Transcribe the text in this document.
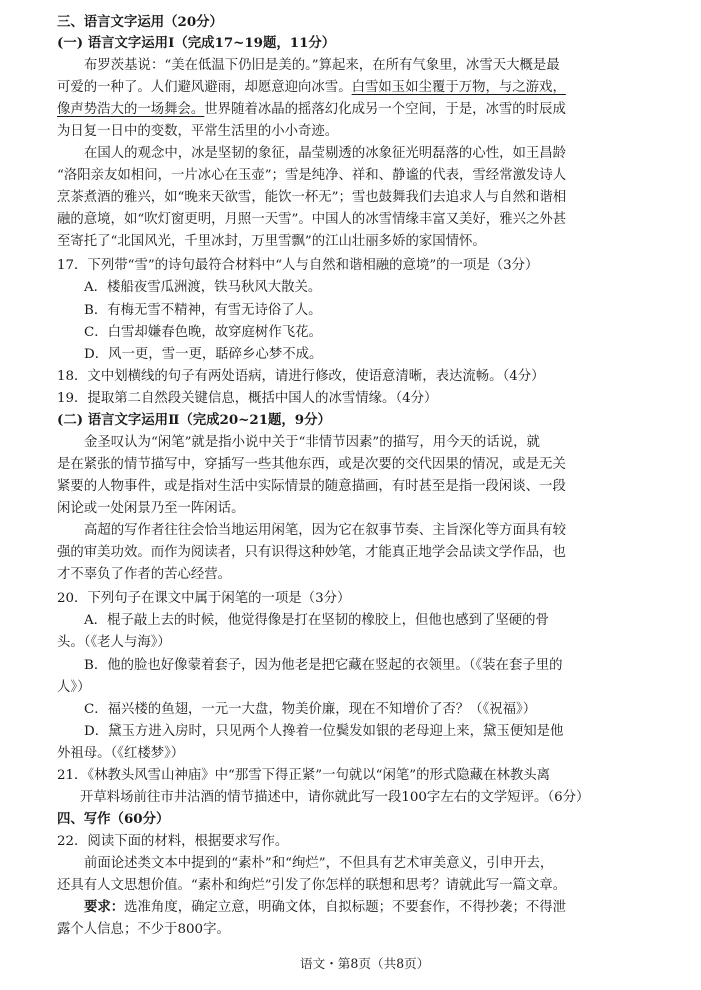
三、语言文字运用（20分）
(一) 语言文字运用Ⅰ（完成17~19题，11分）
布罗茨基说：“美在低温下仍旧是美的。”算起来，在所有气象里，冰雪天大概是最
可爱的一种了。人们避风避雨，却愿意迎向冰雪。白雪如玉如尘覆于万物，与之游戏，
像声势浩大的一场舞会。世界随着冰晶的摇落幻化成另一个空间，于是，冰雪的时辰成
为日复一日中的变数，平常生活里的小小奇迹。
在国人的观念中，冰是坚韧的象征，晶莹剔透的冰象征光明磊落的心性，如王昌龄
“洛阳亲友如相问，一片冰心在玉壶”；雪是纯净、祥和、静谧的代表，雪经常激发诗人
烹茶煮酒的雅兴，如“晚来天欲雪，能饮一杯无”；雪也鼓舞我们去追求人与自然和谐相
融的意境，如“吹灯窗更明，月照一天雪”。中国人的冰雪情缘丰富又美好，雅兴之外甚
至寄托了“北国风光，千里冰封，万里雪飘”的江山壮丽多娇的家国情怀。
17．下列带“雪”的诗句最符合材料中“人与自然和谐相融的意境”的一项是（3分）
A．楼船夜雪瓜洲渡，铁马秋风大散关。
B．有梅无雪不精神，有雪无诗俗了人。
C．白雪却嫌春色晚，故穿庭树作飞花。
D．风一更，雪一更，聒碎乡心梦不成。
18．文中划横线的句子有两处语病，请进行修改，使语意清晰，表达流畅。（4分）
19．提取第二自然段关键信息，概括中国人的冰雪情缘。（4分）
(二) 语言文字运用Ⅱ（完成20~21题，9分）
金圣叹认为“闲笔”就是指小说中关于“非情节因素”的描写，用今天的话说，就
是在紧张的情节描写中，穿插写一些其他东西，或是次要的交代因果的情况，或是无关
紧要的人物事件，或是指对生活中实际情景的随意描画，有时甚至是指一段闲谈、一段
闲论或一处闲景乃至一阵闲话。
高超的写作者往往会恰当地运用闲笔，因为它在叙事节奏、主旨深化等方面具有较
强的审美功效。而作为阅读者，只有识得这种妙笔，才能真正地学会品读文学作品，也
才不辜负了作者的苦心经营。
20．下列句子在课文中属于闲笔的一项是（3分）
A．棍子敲上去的时候，他觉得像是打在坚韧的橡胶上，但他也感到了坚硬的骨
头。（《老人与海》）
B．他的脸也好像蒙着套子，因为他老是把它藏在竖起的衣领里。（《装在套子里的
人》）
C．福兴楼的鱼翅，一元一大盘，物美价廉，现在不知增价了否？（《祝福》）
D．黛玉方进入房时，只见两个人搀着一位鬓发如银的老母迎上来，黛玉便知是他
外祖母。（《红楼梦》）
21．《林教头风雪山神庙》中“那雪下得正紧”一句就以“闲笔”的形式隐藏在林教头离
开草料场前往市井沽酒的情节描述中，请你就此写一段100字左右的文学短评。（6分）
四、写作（60分）
22．阅读下面的材料，根据要求写作。
前面论述类文本中提到的“素朴”和“绚烂”，不但具有艺术审美意义，引申开去，
还具有人文思想价值。“素朴和绚烂”引发了你怎样的联想和思考？请就此写一篇文章。
要求：选准角度，确定立意，明确文体，自拟标题；不要套作，不得抄袭；不得泄
露个人信息；不少于800字。
语文・第8页（共8页）
